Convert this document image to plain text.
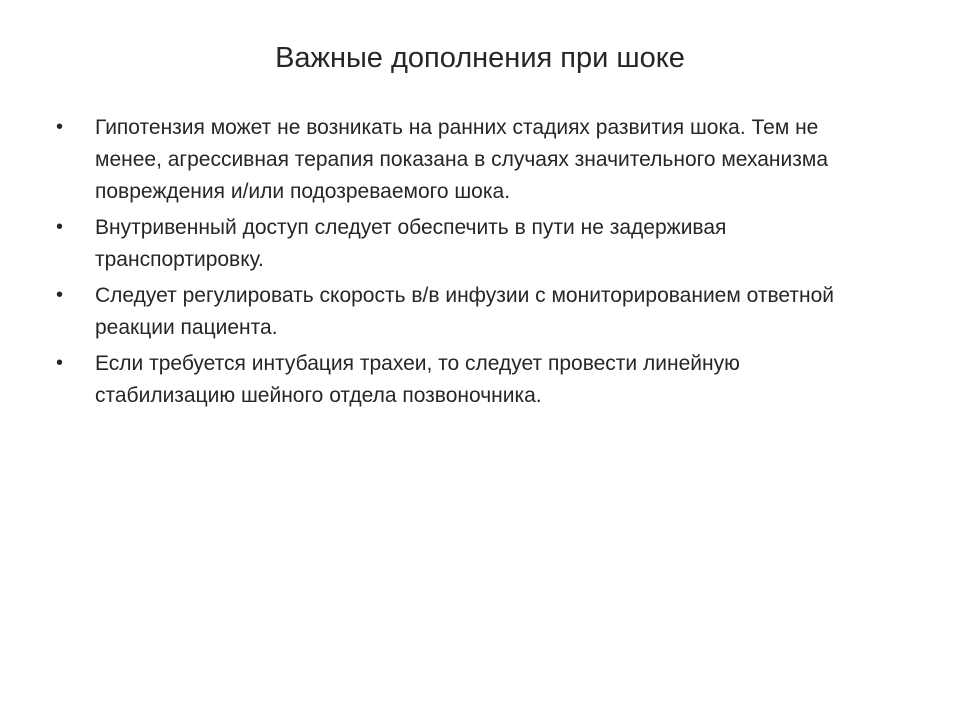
Важные дополнения при шоке
•	Гипотензия может не возникать на ранних стадиях развития шока. Тем не менее, агрессивная терапия показана в случаях значительного механизма повреждения и/или подозреваемого шока.
•	Внутривенный доступ следует обеспечить в пути не задерживая транспортировку.
•	Следует регулировать скорость в/в инфузии с мониторированием ответной реакции пациента.
•	Если требуется интубация трахеи, то следует провести линейную стабилизацию шейного отдела позвоночника.
